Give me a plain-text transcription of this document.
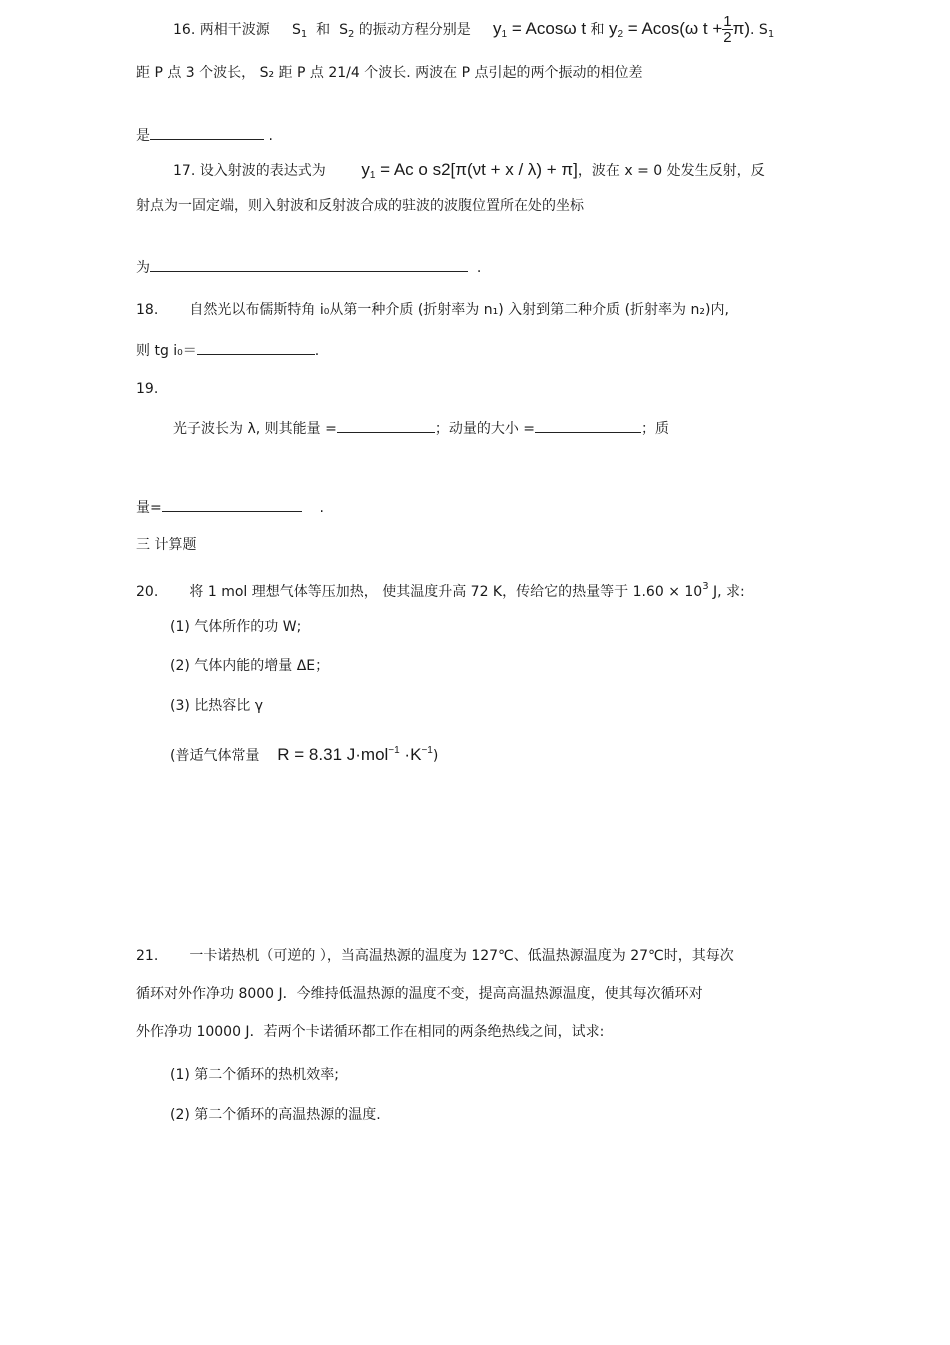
16. 两相干波源 $S_1$ 和 $S_2$ 的振动方程分别是 $y_1 = Acos\omega$ t 和 $y_2 = Acos(\omega$ $t + \frac{1}{2} \pi$). $S_1$
距 P 点 3 个波长， S₂ 距 P 点 21/4 个波长. 两波在 P 点引起的两个振动的相位差
是	.
17. 设入射波的表达式为 $y_1 = Ac$ o s2[π(νt + x / λ) + π]，波在 x = 0 处发生反射，反
射点为一固定端，则入射波和反射波合成的驻波的波腹位置所在处的坐标
为	.
18. 自然光以布儒斯特角 i₀从第一种介质 (折射率为 n₁) 入射到第二种介质 (折射率为 n₂)内,
则 tg i₀＝	.
19.
光子波长为 λ, 则其能量 =	；动量的大小 =	；质
量=	.
三 计算题
20. 将 1 mol 理想气体等压加热， 使其温度升高 72 K，传给它的热量等于 $1.60 \times 10^3$ J, 求:
(1) 气体所作的功 W;
(2) 气体内能的增量 ΔE；
(3) 比热容比 γ
(普适气体常量 R = 8.31 $J\cdot mol^{-1} \cdot K^{-1}$)
21. 一卡诺热机（可逆的 ），当高温热源的温度为 127℃、低温热源温度为 27℃时，其每次
循环对外作净功 8000 J．今维持低温热源的温度不变，提高高温热源温度，使其每次循环对
外作净功 10000 J．若两个卡诺循环都工作在相同的两条绝热线之间，试求:
(1) 第二个循环的热机效率;
(2) 第二个循环的高温热源的温度.
